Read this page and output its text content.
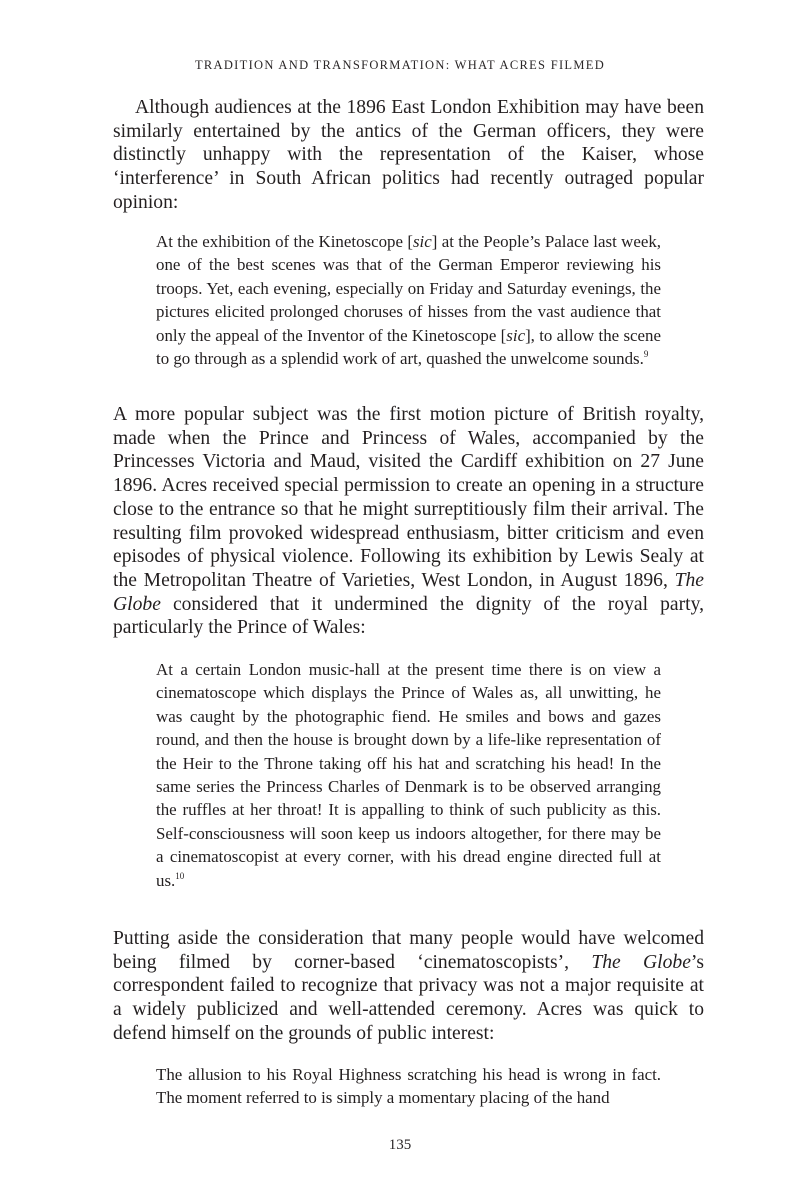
TRADITION AND TRANSFORMATION: WHAT ACRES FILMED

Although audiences at the 1896 East London Exhibition may have been similarly entertained by the antics of the German officers, they were distinctly unhappy with the representation of the Kaiser, whose ‘interference’ in South African politics had recently outraged popular opinion:

At the exhibition of the Kinetoscope [sic] at the People’s Palace last week, one of the best scenes was that of the German Emperor reviewing his troops. Yet, each evening, especially on Friday and Saturday evenings, the pictures elicited prolonged choruses of hisses from the vast audience that only the appeal of the Inventor of the Kinetoscope [sic], to allow the scene to go through as a splendid work of art, quashed the unwelcome sounds.$^9$

A more popular subject was the first motion picture of British royalty, made when the Prince and Princess of Wales, accompanied by the Princesses Victoria and Maud, visited the Cardiff exhibition on 27 June 1896. Acres received special permission to create an opening in a structure close to the entrance so that he might surreptitiously film their arrival. The resulting film provoked widespread enthusiasm, bitter criticism and even episodes of physical violence. Following its exhibition by Lewis Sealy at the Metropolitan Theatre of Varieties, West London, in August 1896, The Globe considered that it undermined the dignity of the royal party, particularly the Prince of Wales:

At a certain London music-hall at the present time there is on view a cinematoscope which displays the Prince of Wales as, all unwitting, he was caught by the photographic fiend. He smiles and bows and gazes round, and then the house is brought down by a life-like representation of the Heir to the Throne taking off his hat and scratching his head! In the same series the Princess Charles of Denmark is to be observed arranging the ruffles at her throat! It is appalling to think of such publicity as this. Self-consciousness will soon keep us indoors altogether, for there may be a cinematoscopist at every corner, with his dread engine directed full at us.$^{10}$

Putting aside the consideration that many people would have welcomed being filmed by corner-based ‘cinematoscopists’, The Globe’s correspondent failed to recognize that privacy was not a major requisite at a widely publicized and well-attended ceremony. Acres was quick to defend himself on the grounds of public interest:

The allusion to his Royal Highness scratching his head is wrong in fact. The moment referred to is simply a momentary placing of the hand

135
